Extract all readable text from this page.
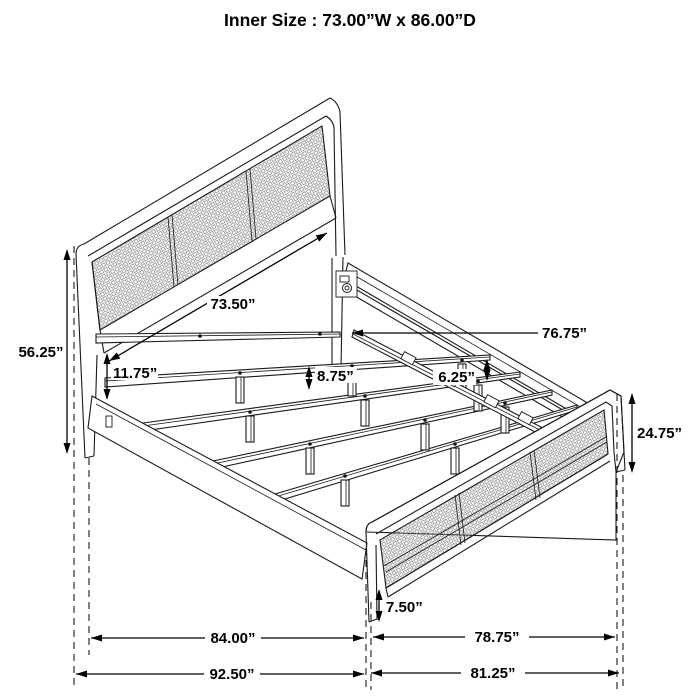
73.50”
76.75”
56.25”
11.75”	8.75”	6.25”
24.75”
7.50”
84.00”	78.75”
92.50”	81.25”
Inner Size : 73.00”W x 86.00”D
